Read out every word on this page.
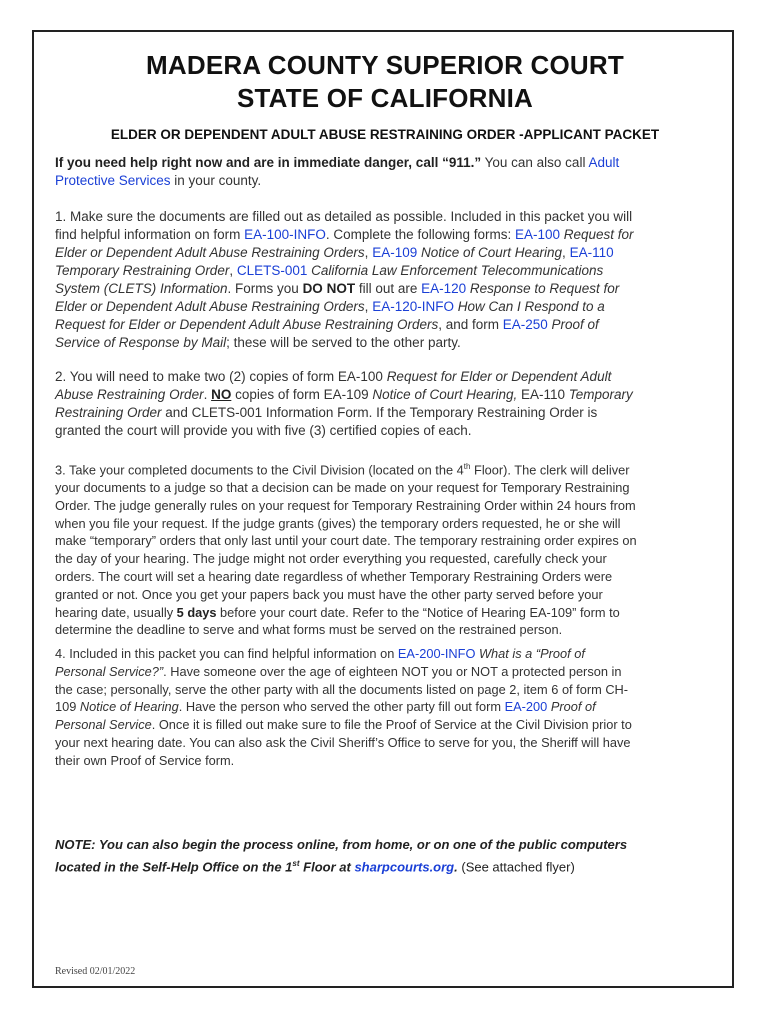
MADERA COUNTY SUPERIOR COURT
STATE OF CALIFORNIA
ELDER OR DEPENDENT ADULT ABUSE RESTRAINING ORDER -APPLICANT PACKET
If you need help right now and are in immediate danger, call “911.” You can also call Adult
Protective Services in your county.
1. Make sure the documents are filled out as detailed as possible. Included in this packet you will
find helpful information on form EA-100-INFO. Complete the following forms: EA-100 Request for
Elder or Dependent Adult Abuse Restraining Orders, EA-109 Notice of Court Hearing, EA-110
Temporary Restraining Order, CLETS-001 California Law Enforcement Telecommunications
System (CLETS) Information. Forms you DO NOT fill out are EA-120 Response to Request for
Elder or Dependent Adult Abuse Restraining Orders, EA-120-INFO How Can I Respond to a
Request for Elder or Dependent Adult Abuse Restraining Orders, and form EA-250 Proof of
Service of Response by Mail; these will be served to the other party.
2. You will need to make two (2) copies of form EA-100 Request for Elder or Dependent Adult
Abuse Restraining Order. NO copies of form EA-109 Notice of Court Hearing, EA-110 Temporary
Restraining Order and CLETS-001 Information Form. If the Temporary Restraining Order is
granted the court will provide you with five (3) certified copies of each.
3. Take your completed documents to the Civil Division (located on the 4th Floor). The clerk will deliver
your documents to a judge so that a decision can be made on your request for Temporary Restraining
Order. The judge generally rules on your request for Temporary Restraining Order within 24 hours from
when you file your request. If the judge grants (gives) the temporary orders requested, he or she will
make “temporary” orders that only last until your court date. The temporary restraining order expires on
the day of your hearing. The judge might not order everything you requested, carefully check your
orders. The court will set a hearing date regardless of whether Temporary Restraining Orders were
granted or not. Once you get your papers back you must have the other party served before your
hearing date, usually 5 days before your court date. Refer to the “Notice of Hearing EA-109” form to
determine the deadline to serve and what forms must be served on the restrained person.
4. Included in this packet you can find helpful information on EA-200-INFO What is a “Proof of
Personal Service?”. Have someone over the age of eighteen NOT you or NOT a protected person in
the case; personally, serve the other party with all the documents listed on page 2, item 6 of form CH-
109 Notice of Hearing. Have the person who served the other party fill out form EA-200 Proof of
Personal Service. Once it is filled out make sure to file the Proof of Service at the Civil Division prior to
your next hearing date. You can also ask the Civil Sheriff’s Office to serve for you, the Sheriff will have
their own Proof of Service form.
NOTE: You can also begin the process online, from home, or on one of the public computers
located in the Self-Help Office on the 1st Floor at sharpcourts.org. (See attached flyer)
Revised 02/01/2022
